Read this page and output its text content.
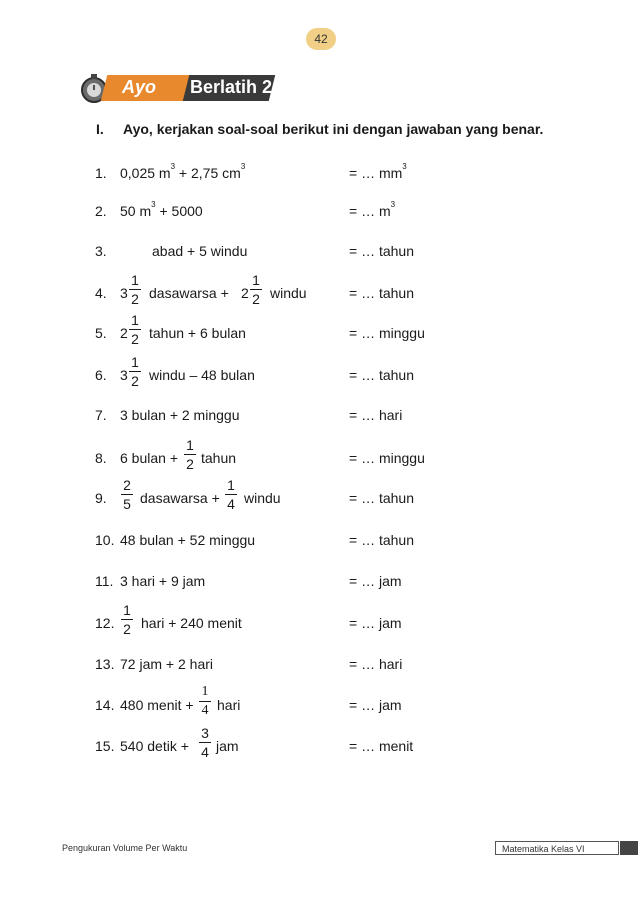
42
Ayo Berlatih 2
I. Ayo, kerjakan soal-soal berikut ini dengan jawaban yang benar.
1. 0,025 $m^3 + 2,75$ $cm^3$	= … $mm^3$
2. 50 $m^3 + 5000$	= … $m^3$
3.	abad + 5 windu	= … tahun
4. 3
1
2 dasawarsa + 2
1
2 windu	= … tahun
5. 2
1
2 tahun + 6 bulan	= … minggu
6. 3
1
2 windu – 48 bulan	= … tahun
7. 3 bulan + 2 minggu	= … hari
8. 6 bulan +
1
2 tahun	= … minggu
9.
2
5 dasawarsa +
1
4 windu	= … tahun
10. 48 bulan + 52 minggu	= … tahun
11. 3 hari + 9 jam	= … jam
12.
1
2 hari + 240 menit	= … jam
13. 72 jam + 2 hari	= … hari
14. 480 menit +
1
4 hari	= … jam
15. 540 detik +
3
4 jam	= … menit
Pengukuran Volume Per Waktu	Matematika Kelas VI
